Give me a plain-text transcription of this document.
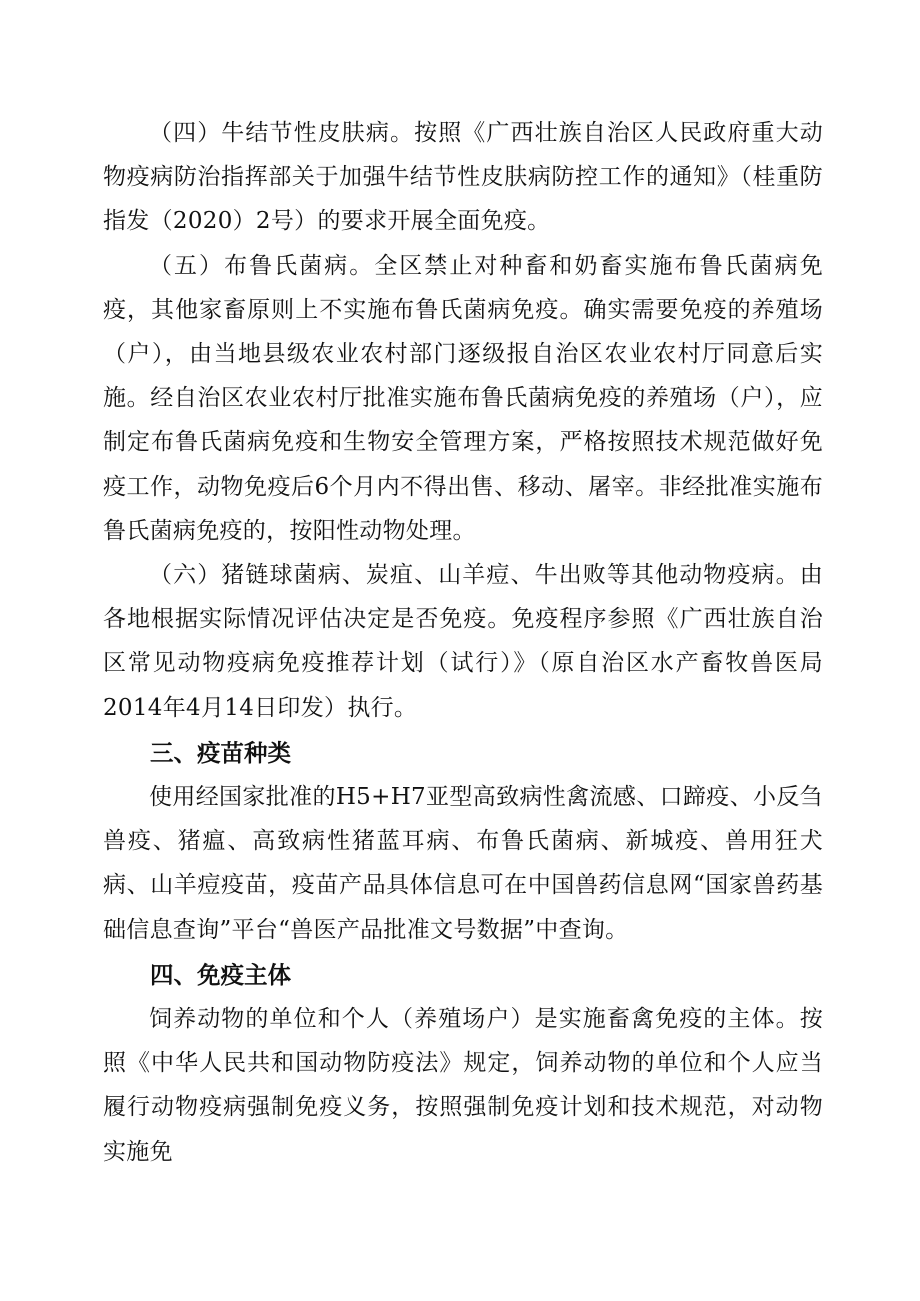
（四）牛结节性皮肤病。按照《广西壮族自治区人民政府重大动物疫病防治指挥部关于加强牛结节性皮肤病防控工作的通知》（桂重防指发（2020）2号）的要求开展全面免疫。

（五）布鲁氏菌病。全区禁止对种畜和奶畜实施布鲁氏菌病免疫，其他家畜原则上不实施布鲁氏菌病免疫。确实需要免疫的养殖场（户），由当地县级农业农村部门逐级报自治区农业农村厅同意后实施。经自治区农业农村厅批准实施布鲁氏菌病免疫的养殖场（户），应制定布鲁氏菌病免疫和生物安全管理方案，严格按照技术规范做好免疫工作，动物免疫后6个月内不得出售、移动、屠宰。非经批准实施布鲁氏菌病免疫的，按阳性动物处理。

（六）猪链球菌病、炭疽、山羊痘、牛出败等其他动物疫病。由各地根据实际情况评估决定是否免疫。免疫程序参照《广西壮族自治区常见动物疫病免疫推荐计划（试行）》（原自治区水产畜牧兽医局2014年4月14日印发）执行。

三、疫苗种类

使用经国家批准的H5+H7亚型高致病性禽流感、口蹄疫、小反刍兽疫、猪瘟、高致病性猪蓝耳病、布鲁氏菌病、新城疫、兽用狂犬病、山羊痘疫苗，疫苗产品具体信息可在中国兽药信息网“国家兽药基础信息查询”平台“兽医产品批准文号数据”中查询。

四、免疫主体

饲养动物的单位和个人（养殖场户）是实施畜禽免疫的主体。按照《中华人民共和国动物防疫法》规定，饲养动物的单位和个人应当履行动物疫病强制免疫义务，按照强制免疫计划和技术规范，对动物实施免
